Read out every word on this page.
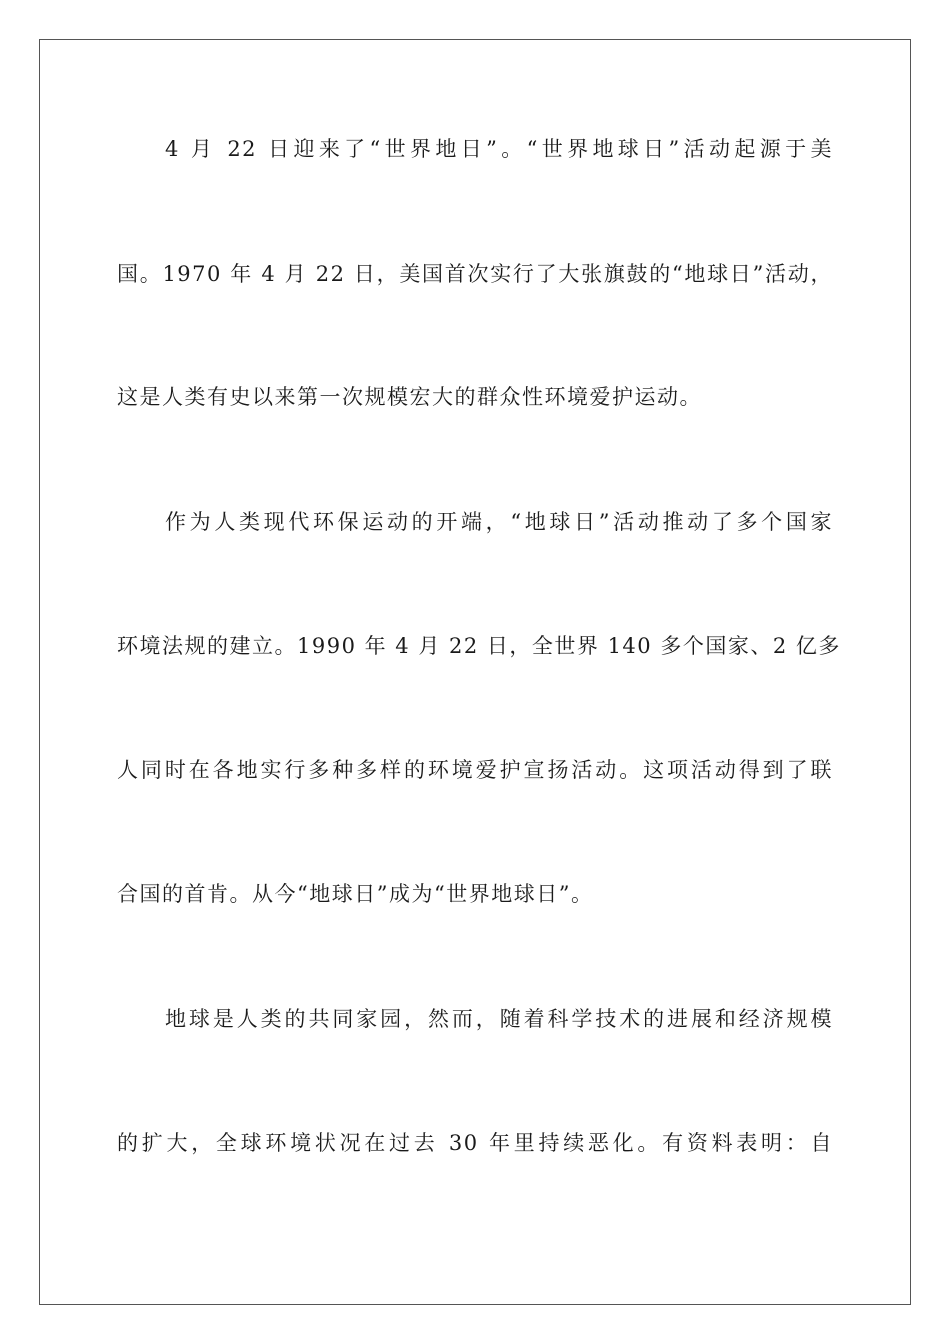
4 月 22 日迎来了“世界地日”。“世界地球日”活动起源于美
国。1970 年 4 月 22 日，美国首次实行了大张旗鼓的“地球日”活动，
这是人类有史以来第一次规模宏大的群众性环境爱护运动。
作为人类现代环保运动的开端，“地球日”活动推动了多个国家
环境法规的建立。1990 年 4 月 22 日，全世界 140 多个国家、2 亿多
人同时在各地实行多种多样的环境爱护宣扬活动。这项活动得到了联
合国的首肯。从今“地球日”成为“世界地球日”。
地球是人类的共同家园，然而，随着科学技术的进展和经济规模
的扩大，全球环境状况在过去 30 年里持续恶化。有资料表明：自
